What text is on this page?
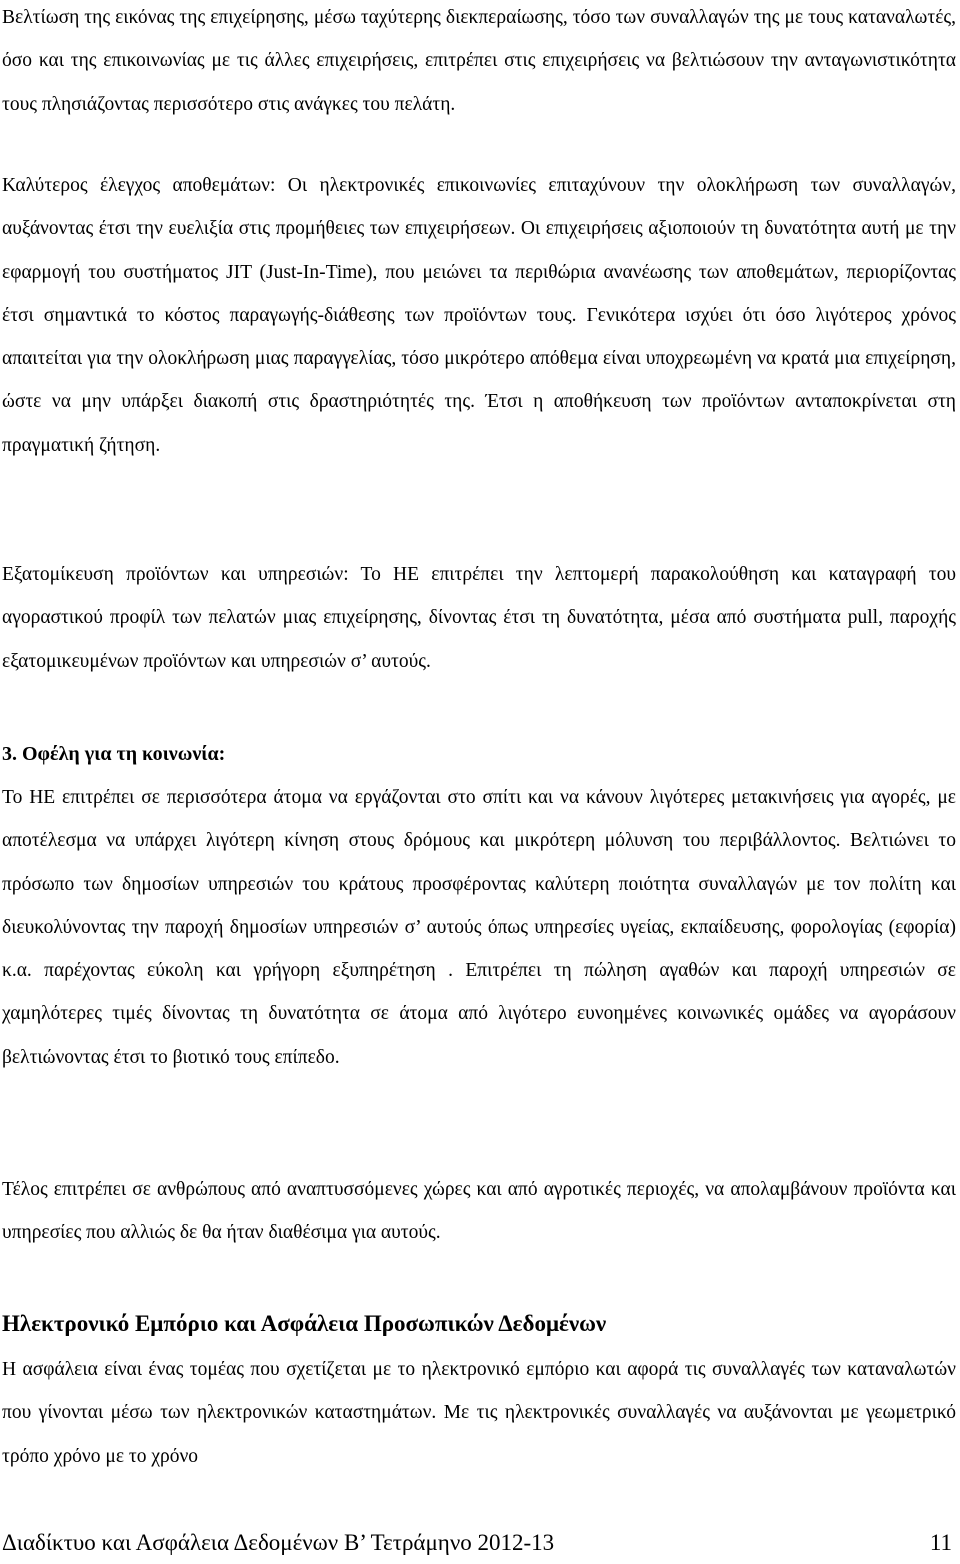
Βελτίωση της εικόνας της επιχείρησης, μέσω ταχύτερης διεκπεραίωσης, τόσο των συναλλαγών της με τους καταναλωτές, όσο και της επικοινωνίας με τις άλλες επιχειρήσεις, επιτρέπει στις επιχειρήσεις να βελτιώσουν την ανταγωνιστικότητα τους πλησιάζοντας περισσότερο στις ανάγκες του πελάτη.

Καλύτερος έλεγχος αποθεμάτων: Οι ηλεκτρονικές επικοινωνίες επιταχύνουν την ολοκλήρωση των συναλλαγών, αυξάνοντας έτσι την ευελιξία στις προμήθειες των επιχειρήσεων. Οι επιχειρήσεις αξιοποιούν τη δυνατότητα αυτή με την εφαρμογή του συστήματος JIT (Just-In-Time), που μειώνει τα περιθώρια ανανέωσης των αποθεμάτων, περιορίζοντας έτσι σημαντικά το κόστος παραγωγής-διάθεσης των προϊόντων τους. Γενικότερα ισχύει ότι όσο λιγότερος χρόνος απαιτείται για την ολοκλήρωση μιας παραγγελίας, τόσο μικρότερο απόθεμα είναι υποχρεωμένη να κρατά μια επιχείρηση, ώστε να μην υπάρξει διακοπή στις δραστηριότητές της. Έτσι η αποθήκευση των προϊόντων ανταποκρίνεται στη πραγματική ζήτηση.

Εξατομίκευση προϊόντων και υπηρεσιών: Το ΗΕ επιτρέπει την λεπτομερή παρακολούθηση και καταγραφή του αγοραστικού προφίλ των πελατών μιας επιχείρησης, δίνοντας έτσι τη δυνατότητα, μέσα από συστήματα pull, παροχής εξατομικευμένων προϊόντων και υπηρεσιών σ’ αυτούς.

3. Οφέλη για τη κοινωνία:

Το ΗΕ επιτρέπει σε περισσότερα άτομα να εργάζονται στο σπίτι και να κάνουν λιγότερες μετακινήσεις για αγορές, με αποτέλεσμα να υπάρχει λιγότερη κίνηση στους δρόμους και μικρότερη μόλυνση του περιβάλλοντος. Βελτιώνει το πρόσωπο των δημοσίων υπηρεσιών του κράτους προσφέροντας καλύτερη ποιότητα συναλλαγών με τον πολίτη και διευκολύνοντας την παροχή δημοσίων υπηρεσιών σ’ αυτούς όπως υπηρεσίες υγείας, εκπαίδευσης, φορολογίας (εφορία) κ.α. παρέχοντας εύκολη και γρήγορη εξυπηρέτηση . Επιτρέπει τη πώληση αγαθών και παροχή υπηρεσιών σε χαμηλότερες τιμές δίνοντας τη δυνατότητα σε άτομα από λιγότερο ευνοημένες κοινωνικές ομάδες να αγοράσουν βελτιώνοντας έτσι το βιοτικό τους επίπεδο.

Τέλος επιτρέπει σε ανθρώπους από αναπτυσσόμενες χώρες και από αγροτικές περιοχές, να απολαμβάνουν προϊόντα και υπηρεσίες που αλλιώς δε θα ήταν διαθέσιμα για αυτούς.

Ηλεκτρονικό Εμπόριο και Ασφάλεια Προσωπικών Δεδομένων

Η ασφάλεια είναι ένας τομέας που σχετίζεται με το ηλεκτρονικό εμπόριο και αφορά τις συναλλαγές των καταναλωτών που γίνονται μέσω των ηλεκτρονικών καταστημάτων. Με τις ηλεκτρονικές συναλλαγές να αυξάνονται με γεωμετρικό τρόπο χρόνο με το χρόνο

Διαδίκτυο και Ασφάλεια Δεδομένων Β’ Τετράμηνο 2012-13	11
